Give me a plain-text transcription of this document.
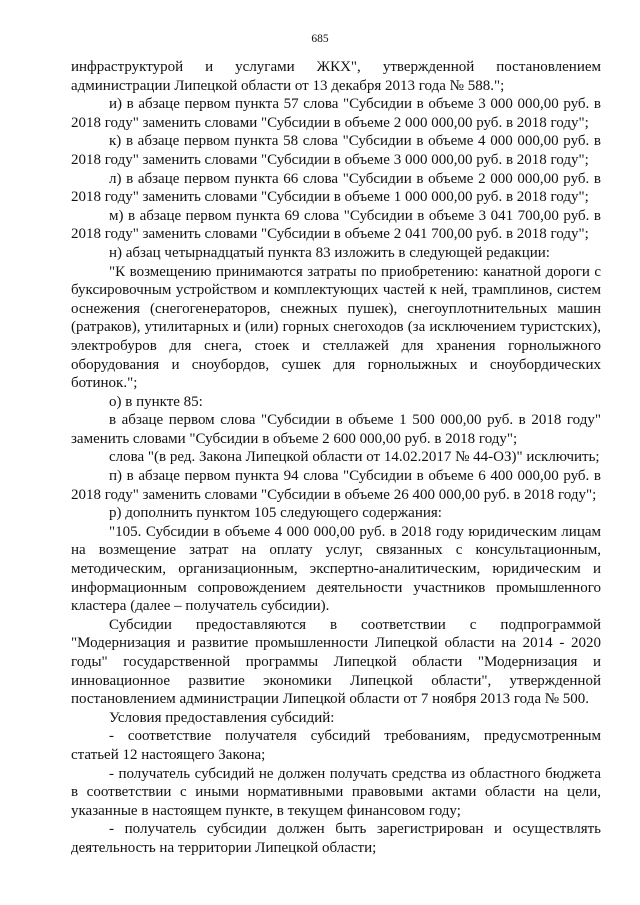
685

инфраструктурой и услугами ЖКХ", утвержденной постановлением администрации Липецкой области от 13 декабря 2013 года № 588.";

и) в абзаце первом пункта 57 слова "Субсидии в объеме 3 000 000,00 руб. в 2018 году" заменить словами "Субсидии в объеме 2 000 000,00 руб. в 2018 году";

к) в абзаце первом пункта 58 слова "Субсидии в объеме 4 000 000,00 руб. в 2018 году" заменить словами "Субсидии в объеме 3 000 000,00 руб. в 2018 году";

л) в абзаце первом пункта 66 слова "Субсидии в объеме 2 000 000,00 руб. в 2018 году" заменить словами "Субсидии в объеме 1 000 000,00 руб. в 2018 году";

м) в абзаце первом пункта 69 слова "Субсидии в объеме 3 041 700,00 руб. в 2018 году" заменить словами "Субсидии в объеме 2 041 700,00 руб. в 2018 году";

н) абзац четырнадцатый пункта 83 изложить в следующей редакции:

"К возмещению принимаются затраты по приобретению: канатной дороги с буксировочным устройством и комплектующих частей к ней, трамплинов, систем оснежения (снегогенераторов, снежных пушек), снегоуплотнительных машин (ратраков), утилитарных и (или) горных снегоходов (за исключением туристских), электробуров для снега, стоек и стеллажей для хранения горнолыжного оборудования и сноубордов, сушек для горнолыжных и сноубордических ботинок.";

о) в пункте 85:

в абзаце первом слова "Субсидии в объеме 1 500 000,00 руб. в 2018 году" заменить словами "Субсидии в объеме 2 600 000,00 руб. в 2018 году";

слова "(в ред. Закона Липецкой области от 14.02.2017 № 44-ОЗ)" исключить;

п) в абзаце первом пункта 94 слова "Субсидии в объеме 6 400 000,00 руб. в 2018 году" заменить словами "Субсидии в объеме 26 400 000,00 руб. в 2018 году";

р) дополнить пунктом 105 следующего содержания:

"105. Субсидии в объеме 4 000 000,00 руб. в 2018 году юридическим лицам на возмещение затрат на оплату услуг, связанных с консультационным, методическим, организационным, экспертно-аналитическим, юридическим и информационным сопровождением деятельности участников промышленного кластера (далее – получатель субсидии).

Субсидии предоставляются в соответствии с подпрограммой "Модернизация и развитие промышленности Липецкой области на 2014 - 2020 годы" государственной программы Липецкой области "Модернизация и инновационное развитие экономики Липецкой области", утвержденной постановлением администрации Липецкой области от 7 ноября 2013 года № 500.

Условия предоставления субсидий:

- соответствие получателя субсидий требованиям, предусмотренным статьей 12 настоящего Закона;

- получатель субсидий не должен получать средства из областного бюджета в соответствии с иными нормативными правовыми актами области на цели, указанные в настоящем пункте, в текущем финансовом году;

- получатель субсидии должен быть зарегистрирован и осуществлять деятельность на территории Липецкой области;
